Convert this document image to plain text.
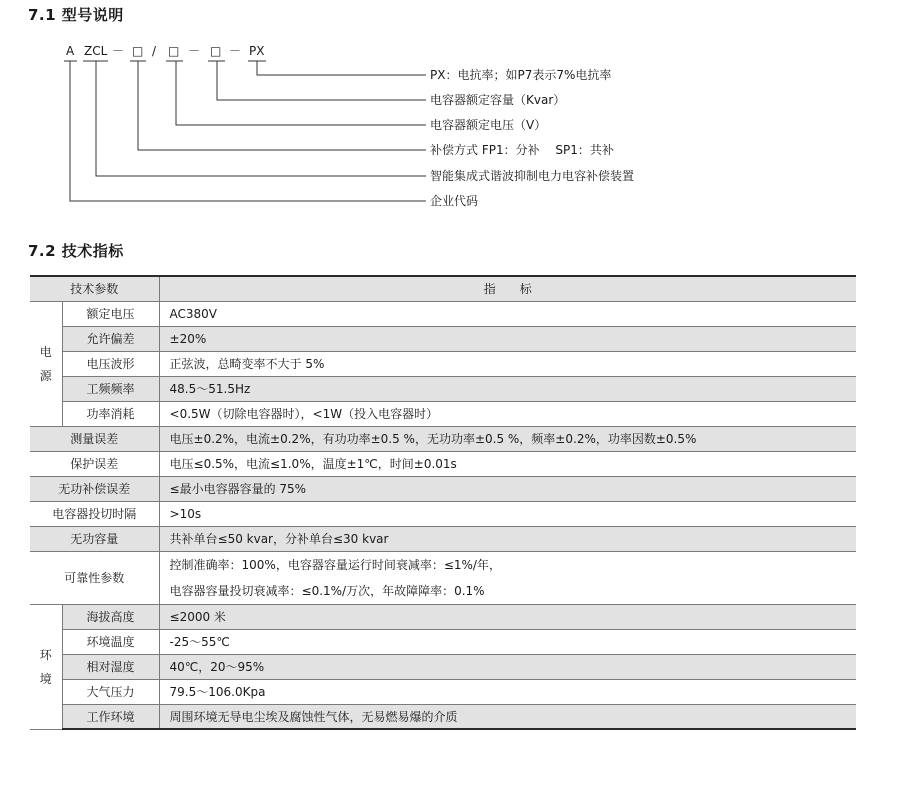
7.1 型号说明
A ZCL － □ / □ － □ － PX
PX：电抗率；如P7表示7%电抗率
电容器额定容量（Kvar）
电容器额定电压（V）
补偿方式 FP1：分补　 SP1：共补
智能集成式谐波抑制电力电容补偿装置
企业代码
7.2 技术指标
技术参数		指　　标
电
源	额定电压	AC380V
	允许偏差	±20%
	电压波形	正弦波，总畸变率不大于 5%
	工频频率	48.5～51.5Hz
	功率消耗	<0.5W（切除电容器时），<1W（投入电容器时）
测量误差		电压±0.2%，电流±0.2%，有功功率±0.5 %，无功功率±0.5 %，频率±0.2%，功率因数±0.5%
保护误差		电压≤0.5%，电流≤1.0%，温度±1℃，时间±0.01s
无功补偿误差		≤最小电容器容量的 75%
电容器投切时隔		>10s
无功容量		共补单台≤50 kvar，分补单台≤30 kvar
可靠性参数		控制准确率：100%，电容器容量运行时间衰减率：≤1%/年，
电容器容量投切衰减率：≤0.1%/万次，年故障障率：0.1%

环
境	海拔高度	≤2000 米
	环境温度	-25～55℃
	相对湿度	40℃，20～95%
	大气压力	79.5～106.0Kpa
	工作环境	周围环境无导电尘埃及腐蚀性气体，无易燃易爆的介质
